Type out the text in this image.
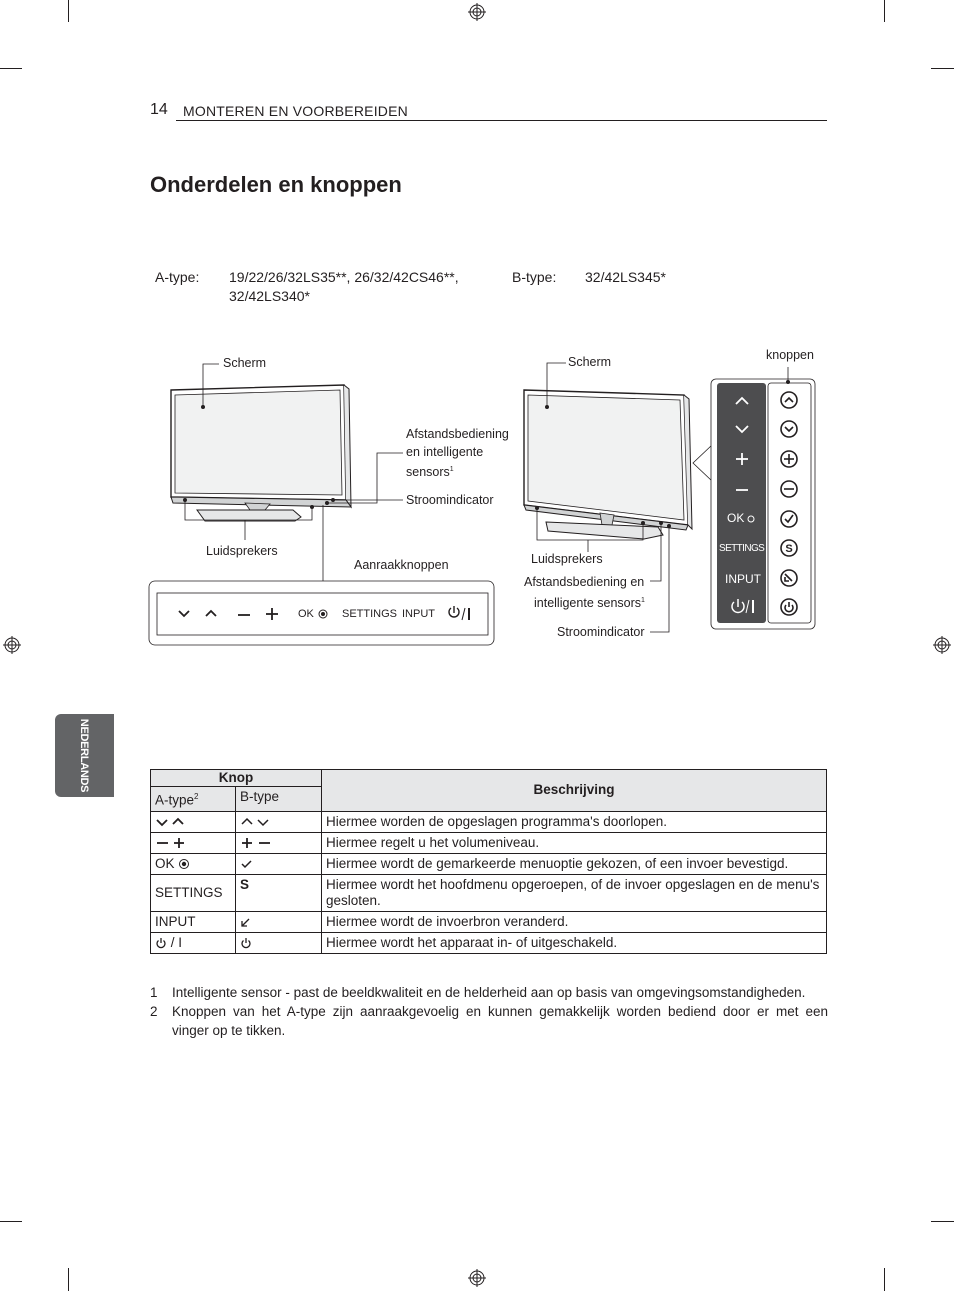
14 MONTEREN EN VOORBEREIDEN
Onderdelen en knoppen
A-type: 19/22/26/32LS35**, 26/32/42CS46**,
32/42LS340*
B-type: 32/42LS345*
Scherm
Afstandsbediening
en intelligente
sensors$^1$
Stroomindicator
Luidsprekers
Aanraakknoppen
OK	SETTINGS INPUT
S
Scherm	knoppen
Luidsprekers
Afstandsbediening en
intelligente sensors$^1$
Stroomindicator
OK
SETTINGS
INPUT
NEDERLANDS	Knop		Beschrijving
A-type$^2$	B-type	
		Hiermee worden de opgeslagen programma's doorlopen.
		Hiermee regelt u het volumeniveau.
OK		Hiermee wordt de gemarkeerde menuoptie gekozen, of een invoer bevestigd.
SETTINGS	S	Hiermee wordt het hoofdmenu opgeroepen, of de invoer opgeslagen en de menu's gesloten.
INPUT		Hiermee wordt de invoerbron veranderd.
/ I		Hiermee wordt het apparaat in- of uitgeschakeld.
1 Intelligente sensor - past de beeldkwaliteit en de helderheid aan op basis van omgevingsomstandigheden.
2 Knoppen van het A-type zijn aanraakgevoelig en kunnen gemakkelijk worden bediend door er met een
vinger op te tikken.
